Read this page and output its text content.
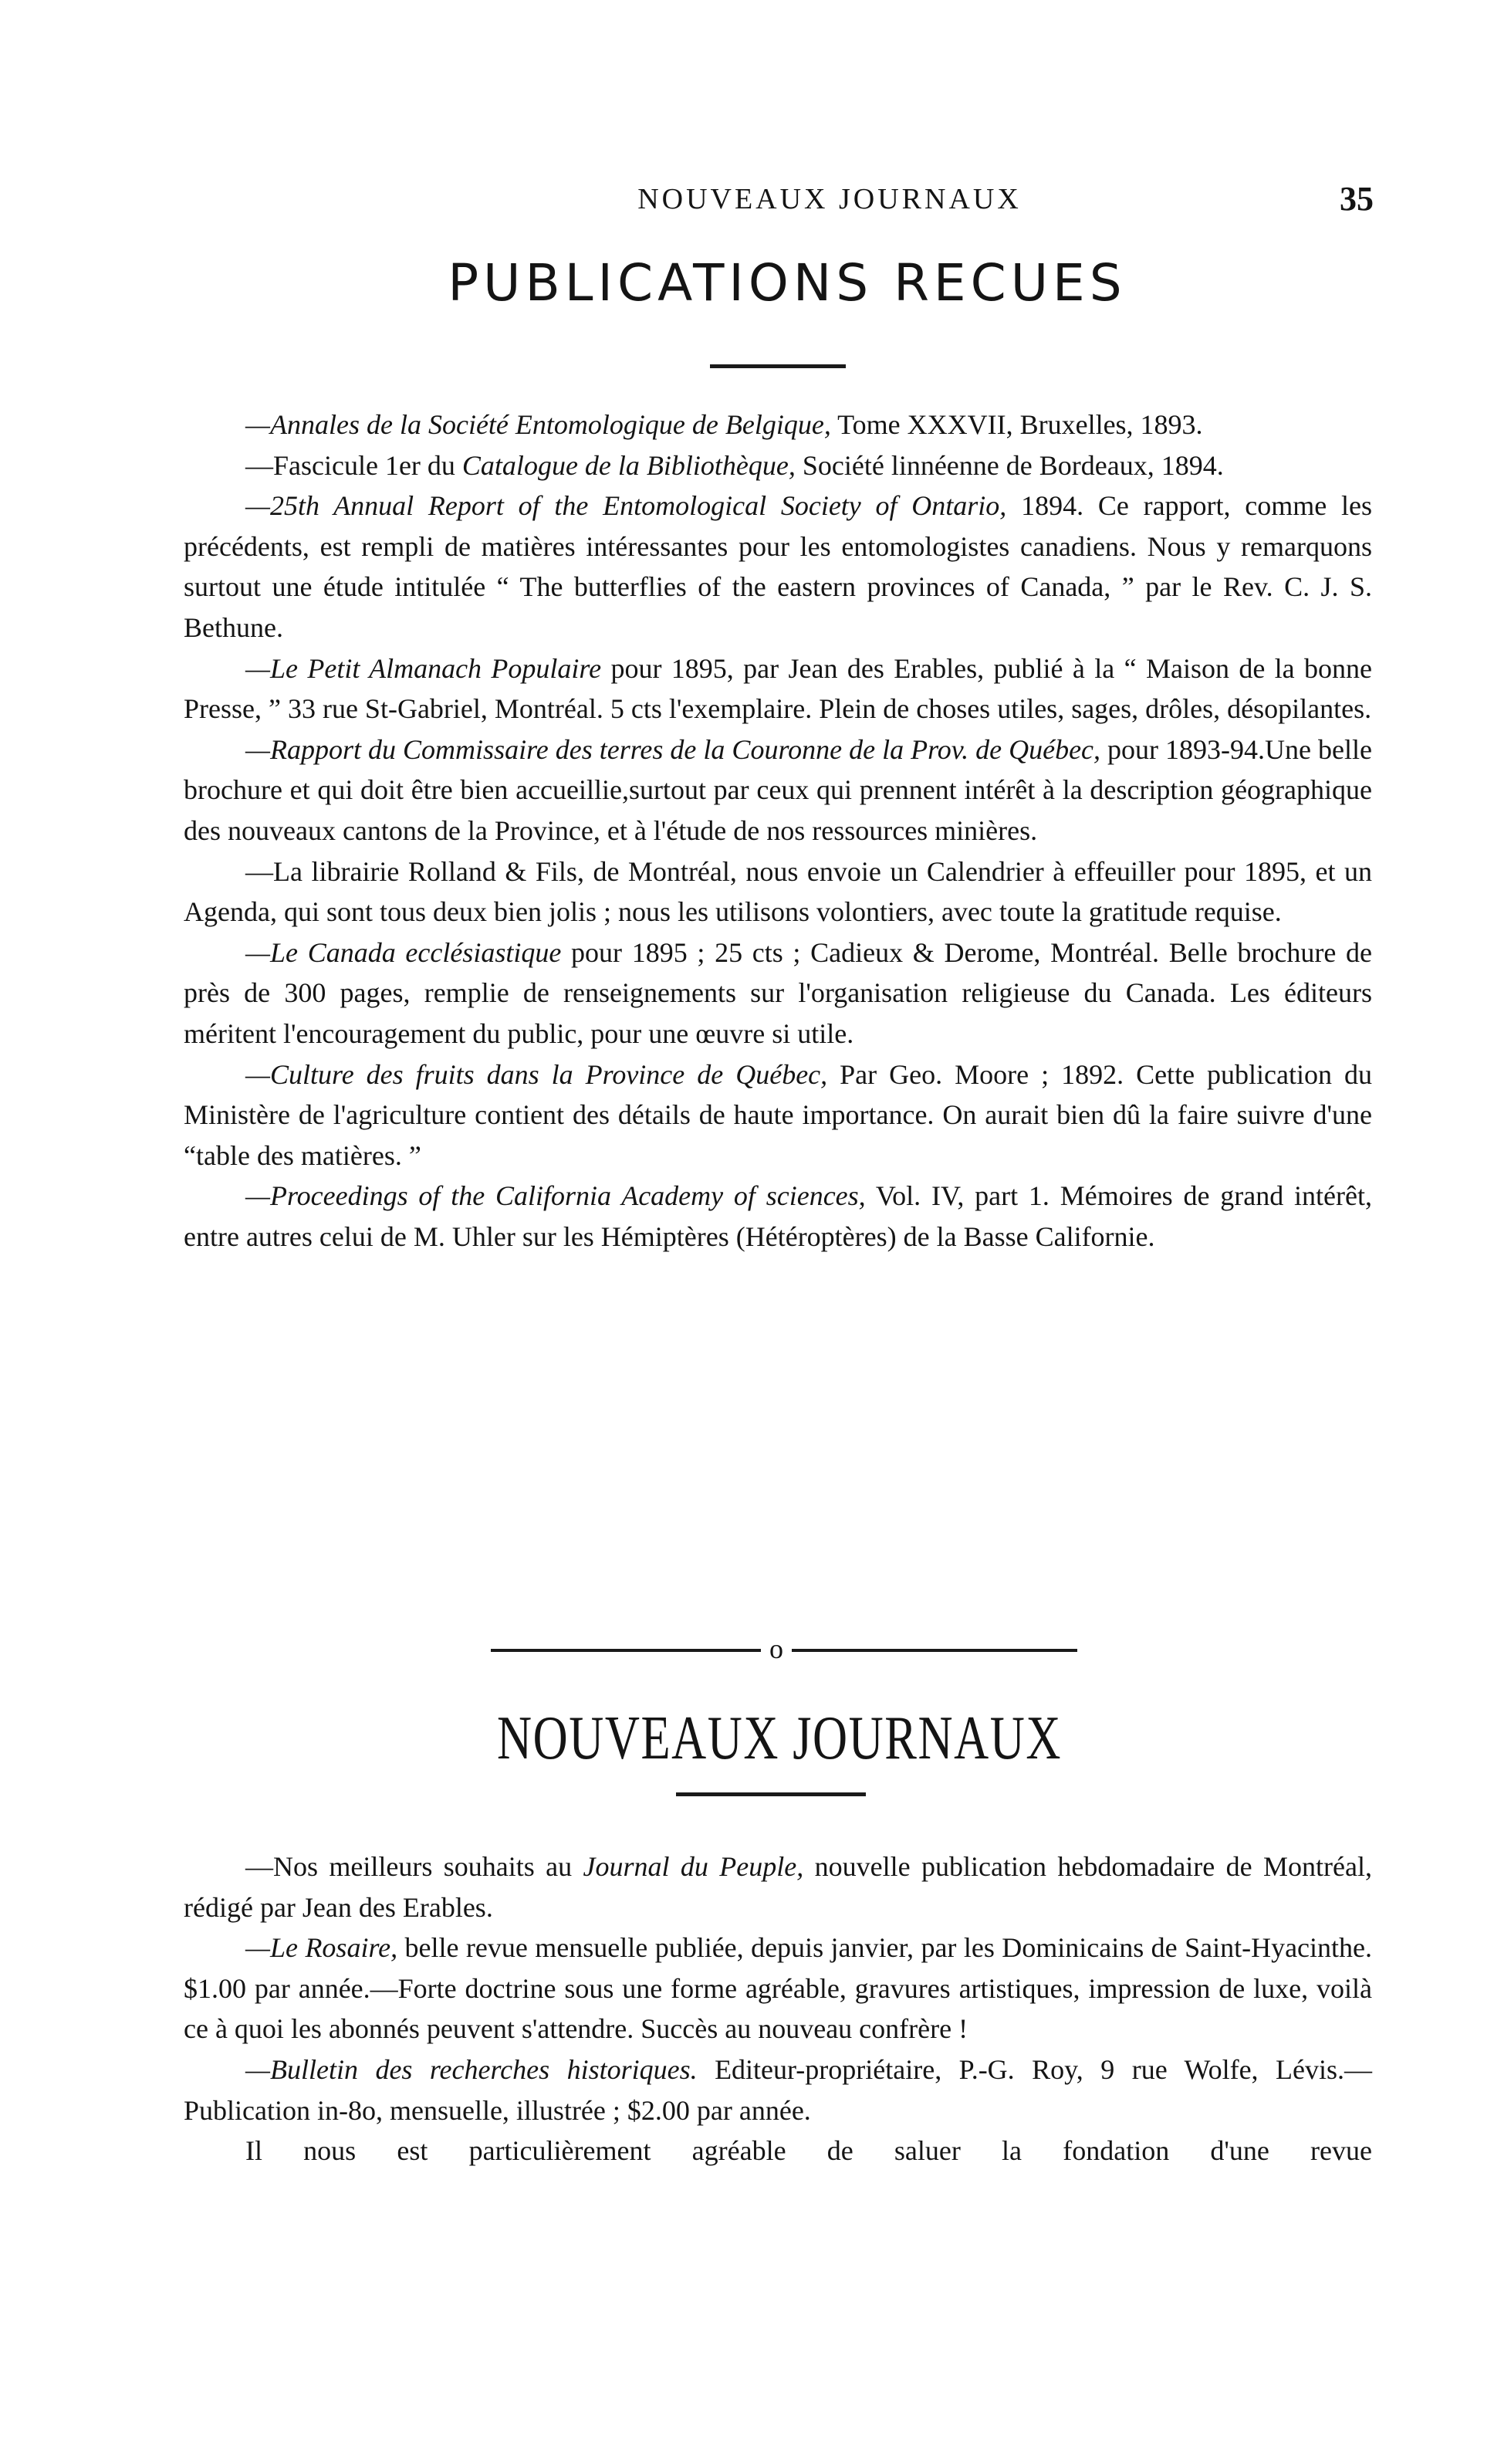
NOUVEAUX JOURNAUX	35
PUBLICATIONS RECUES

—Annales de la Société Entomologique de Belgique, Tome XXXVII, Bruxelles, 1893.

—Fascicule 1er du Catalogue de la Bibliothèque, Société linnéenne de Bordeaux, 1894.

—25th Annual Report of the Entomological Society of Ontario, 1894. Ce rapport, comme les précédents, est rempli de matières intéressantes pour les entomologistes canadiens. Nous y remarquons surtout une étude intitulée “ The butterflies of the eastern provinces of Canada, ” par le Rev. C. J. S. Bethune.

—Le Petit Almanach Populaire pour 1895, par Jean des Erables, publié à la “ Maison de la bonne Presse, ” 33 rue St-Gabriel, Montréal. 5 cts l'exemplaire. Plein de choses utiles, sages, drôles, désopilantes.

—Rapport du Commissaire des terres de la Couronne de la Prov. de Québec, pour 1893-94.Une belle brochure et qui doit être bien accueillie,surtout par ceux qui prennent intérêt à la description géographique des nouveaux cantons de la Province, et à l'étude de nos ressources minières.

—La librairie Rolland & Fils, de Montréal, nous envoie un Calendrier à effeuiller pour 1895, et un Agenda, qui sont tous deux bien jolis ; nous les utilisons volontiers, avec toute la gratitude requise.

—Le Canada ecclésiastique pour 1895 ; 25 cts ; Cadieux & Derome, Montréal. Belle brochure de près de 300 pages, remplie de renseignements sur l'organisation religieuse du Canada. Les éditeurs méritent l'encouragement du public, pour une œuvre si utile.

—Culture des fruits dans la Province de Québec, Par Geo. Moore ; 1892. Cette publication du Ministère de l'agriculture contient des détails de haute importance. On aurait bien dû la faire suivre d'une “table des matières. ”

—Proceedings of the California Academy of sciences, Vol. IV, part 1. Mémoires de grand intérêt, entre autres celui de M. Uhler sur les Hémiptères (Hétéroptères) de la Basse Californie.

o
NOUVEAUX JOURNAUX

—Nos meilleurs souhaits au Journal du Peuple, nouvelle publication hebdomadaire de Montréal, rédigé par Jean des Erables.

—Le Rosaire, belle revue mensuelle publiée, depuis janvier, par les Dominicains de Saint-Hyacinthe. $1.00 par année.—Forte doctrine sous une forme agréable, gravures artistiques, impression de luxe, voilà ce à quoi les abonnés peuvent s'attendre. Succès au nouveau confrère !

—Bulletin des recherches historiques. Editeur-propriétaire, P.-G. Roy, 9 rue Wolfe, Lévis.—Publication in-8o, mensuelle, illustrée ; $2.00 par année.

Il nous est particulièrement agréable de saluer la fondation d'une revue
